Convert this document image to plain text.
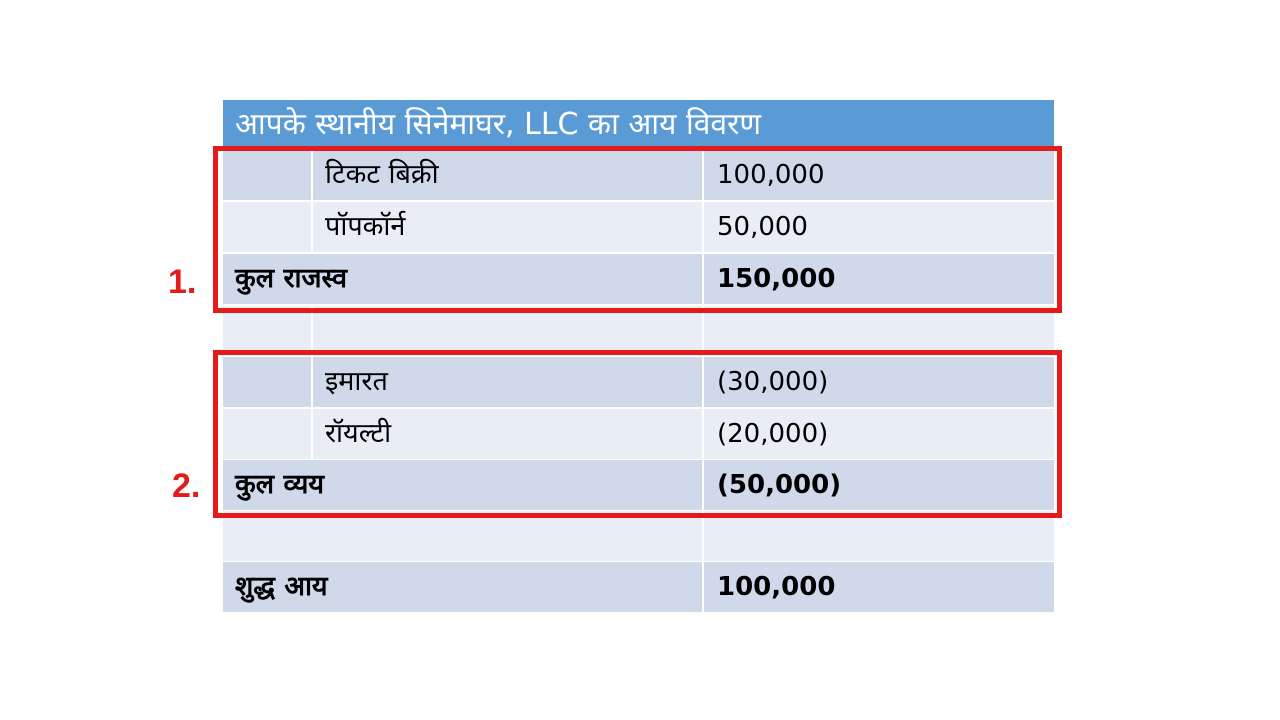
आपके स्थानीय सिनेमाघर, LLC का आय विवरण
टिकट बिक्री	100,000
पॉपकॉर्न	50,000
कुल राजस्व	150,000
इमारत	(30,000)
रॉयल्टी	(20,000)
कुल व्यय	(50,000)
शुद्ध आय	100,000
1.
2.
